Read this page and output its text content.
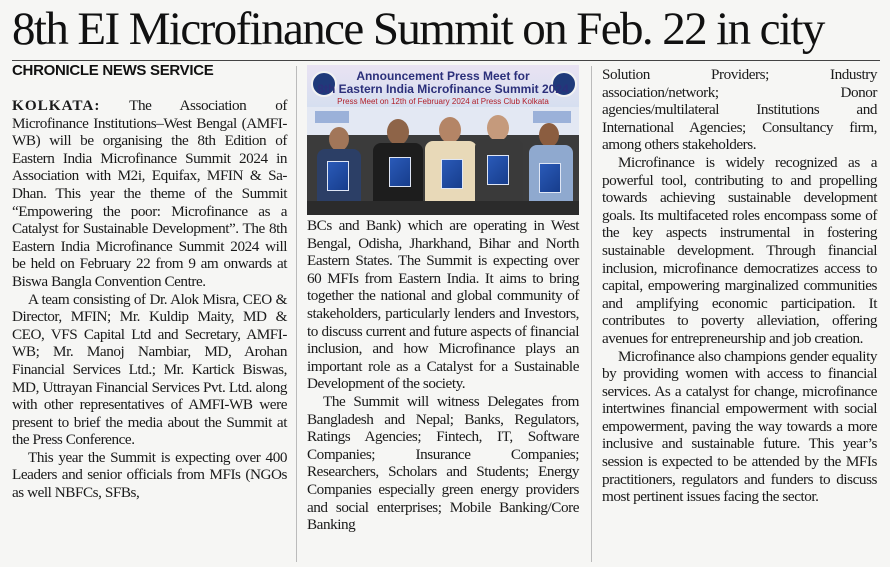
8th EI Microfinance Summit on Feb. 22 in city
CHRONICLE NEWS SERVICE	Announcement Press Meet for
8th Eastern India Microfinance Summit 2024
Press Meet on 12th of February 2024 at Press Club Kolkata

KOLKATA: The Association of Microfinance Institutions–West Bengal (AMFI-WB) will be organising the 8th Edition of Eastern India Microfinance Summit 2024 in Association with M2i, Equifax, MFIN & Sa-Dhan. This year the theme of the Summit “Empowering the poor: Microfinance as a Catalyst for Sustainable Development”. The 8th Eastern India Microfinance Summit 2024 will be held on February 22 from 9 am onwards at Biswa Bangla Convention Centre.

A team consisting of Dr. Alok Misra, CEO & Director, MFIN; Mr. Kuldip Maity, MD & CEO, VFS Capital Ltd and Secretary, AMFI-WB; Mr. Manoj Nambiar, MD, Arohan Financial Services Ltd.; Mr. Kartick Biswas, MD, Uttrayan Financial Services Pvt. Ltd. along with other representatives of AMFI-WB were present to brief the media about the Summit at the Press Conference.

This year the Summit is expecting over 400 Leaders and senior officials from MFIs (NGOs as well NBFCs, SFBs,

BCs and Bank) which are operating in West Bengal, Odisha, Jharkhand, Bihar and North Eastern States. The Summit is expecting over 60 MFIs from Eastern India. It aims to bring together the national and global community of stakeholders, particularly lenders and Investors, to discuss current and future aspects of financial inclusion, and how Microfinance plays an important role as a Catalyst for a Sustainable Development of the society.

The Summit will witness Delegates from Bangladesh and Nepal; Banks, Regulators, Ratings Agencies; Fintech, IT, Software Companies; Insurance Companies; Researchers, Scholars and Students; Energy Companies especially green energy providers and social enterprises; Mobile Banking/Core Banking

Solution Providers; Industry association/network; Donor agencies/multilateral Institutions and International Agencies; Consultancy firm, among others stakeholders.

Microfinance is widely recognized as a powerful tool, contributing to and propelling towards achieving sustainable development goals. Its multifaceted roles encompass some of the key aspects instrumental in fostering sustainable development. Through financial inclusion, microfinance democratizes access to capital, empowering marginalized communities and amplifying economic participation. It contributes to poverty alleviation, offering avenues for entrepreneurship and job creation.

Microfinance also champions gender equality by providing women with access to financial services. As a catalyst for change, microfinance intertwines financial empowerment with social empowerment, paving the way towards a more inclusive and sustainable future. This year’s session is expected to be attended by the MFIs practitioners, regulators and funders to discuss most pertinent issues facing the sector.
